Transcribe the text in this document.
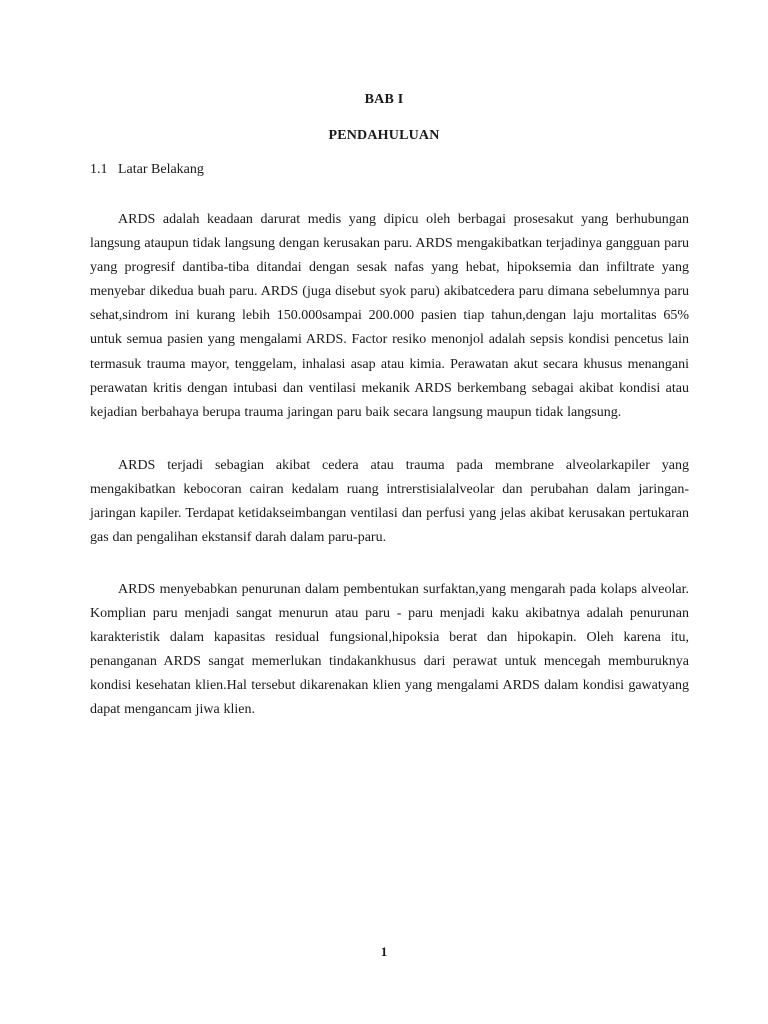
BAB I
PENDAHULUAN
1.1 Latar Belakang

ARDS adalah keadaan darurat medis yang dipicu oleh berbagai prosesakut yang berhubungan langsung ataupun tidak langsung dengan kerusakan paru. ARDS mengakibatkan terjadinya gangguan paru yang progresif dantiba-tiba ditandai dengan sesak nafas yang hebat, hipoksemia dan infiltrate yang menyebar dikedua buah paru. ARDS (juga disebut syok paru) akibatcedera paru dimana sebelumnya paru sehat,sindrom ini kurang lebih 150.000sampai 200.000 pasien tiap tahun,dengan laju mortalitas 65% untuk semua pasien yang mengalami ARDS. Factor resiko menonjol adalah sepsis kondisi pencetus lain termasuk trauma mayor, tenggelam, inhalasi asap atau kimia. Perawatan akut secara khusus menangani perawatan kritis dengan intubasi dan ventilasi mekanik ARDS berkembang sebagai akibat kondisi atau kejadian berbahaya berupa trauma jaringan paru baik secara langsung maupun tidak langsung.

ARDS terjadi sebagian akibat cedera atau trauma pada membrane alveolarkapiler yang mengakibatkan kebocoran cairan kedalam ruang intrerstisialalveolar dan perubahan dalam jaringan-jaringan kapiler. Terdapat ketidakseimbangan ventilasi dan perfusi yang jelas akibat kerusakan pertukaran gas dan pengalihan ekstansif darah dalam paru-paru.

ARDS menyebabkan penurunan dalam pembentukan surfaktan,yang mengarah pada kolaps alveolar. Komplian paru menjadi sangat menurun atau paru - paru menjadi kaku akibatnya adalah penurunan karakteristik dalam kapasitas residual fungsional,hipoksia berat dan hipokapin. Oleh karena itu, penanganan ARDS sangat memerlukan tindakankhusus dari perawat untuk mencegah memburuknya kondisi kesehatan klien.Hal tersebut dikarenakan klien yang mengalami ARDS dalam kondisi gawatyang dapat mengancam jiwa klien.

1
